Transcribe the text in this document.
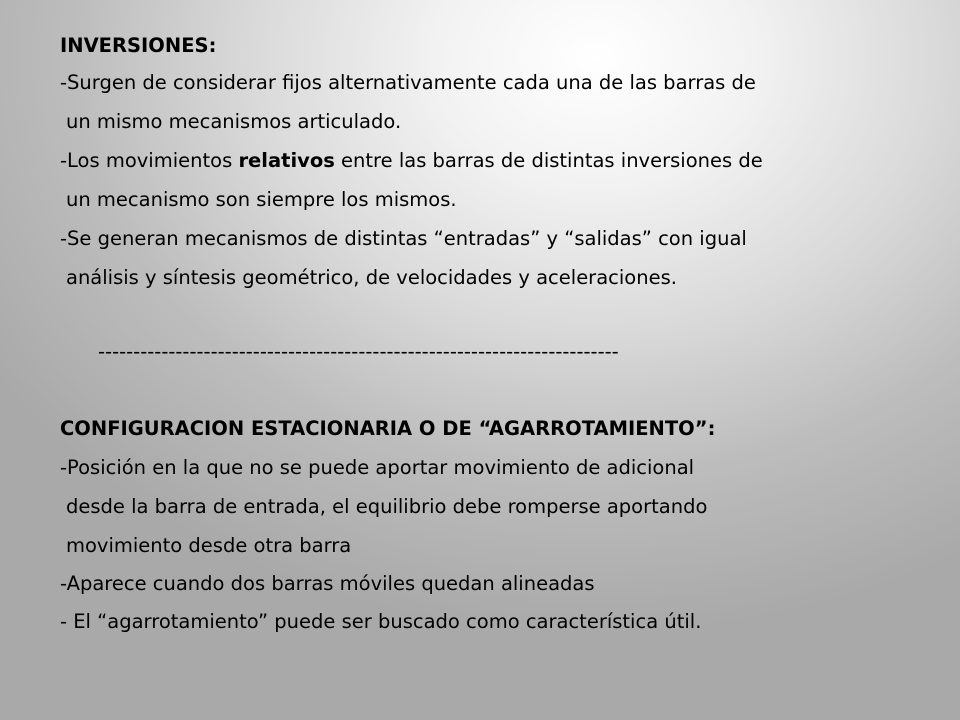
INVERSIONES:
-Surgen de considerar fijos alternativamente cada una de las barras de
un mismo mecanismos articulado.
-Los movimientos relativos entre las barras de distintas inversiones de
un mecanismo son siempre los mismos.
-Se generan mecanismos de distintas “entradas” y “salidas” con igual
análisis y síntesis geométrico, de velocidades y aceleraciones.
--------------------------------------------------------------------------
CONFIGURACION ESTACIONARIA O DE “AGARROTAMIENTO”:
-Posición en la que no se puede aportar movimiento de adicional
desde la barra de entrada, el equilibrio debe romperse aportando
movimiento desde otra barra
-Aparece cuando dos barras móviles quedan alineadas
- El “agarrotamiento” puede ser buscado como característica útil.
